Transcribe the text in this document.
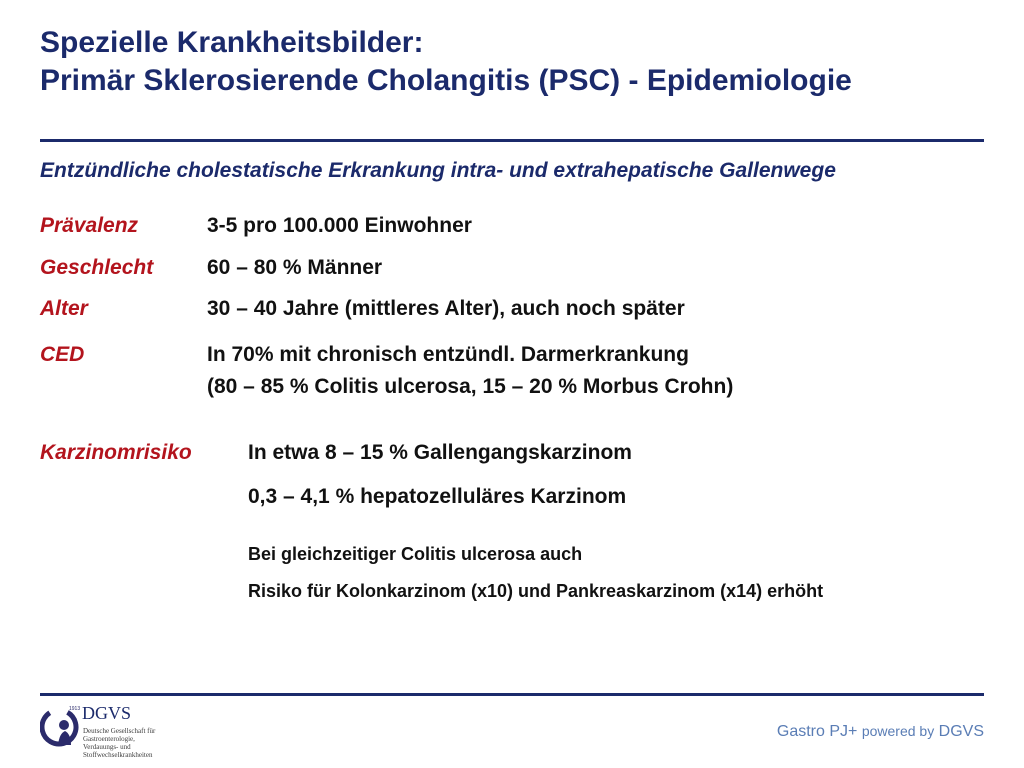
Spezielle Krankheitsbilder:
Primär Sklerosierende Cholangitis (PSC) - Epidemiologie
Entzündliche cholestatische Erkrankung intra- und extrahepatische Gallenwege
Prävalenz	3-5 pro 100.000 Einwohner
Geschlecht	60 – 80 % Männer
Alter	30 – 40 Jahre (mittleres Alter), auch noch später
CED	In 70% mit chronisch entzündl. Darmerkrankung
(80 – 85 % Colitis ulcerosa, 15 – 20 % Morbus Crohn)
Karzinomrisiko	In etwa 8 – 15 % Gallengangskarzinom
0,3 – 4,1 % hepatozelluläres Karzinom
Bei gleichzeitiger Colitis ulcerosa auch
Risiko für Kolonkarzinom (x10) und Pankreaskarzinom (x14) erhöht
1913 DGVS
Deutsche Gesellschaft für
Gastroenterologie,
Verdauungs- und
Stoffwechselkrankheiten
Gastro PJ+ powered by DGVS
